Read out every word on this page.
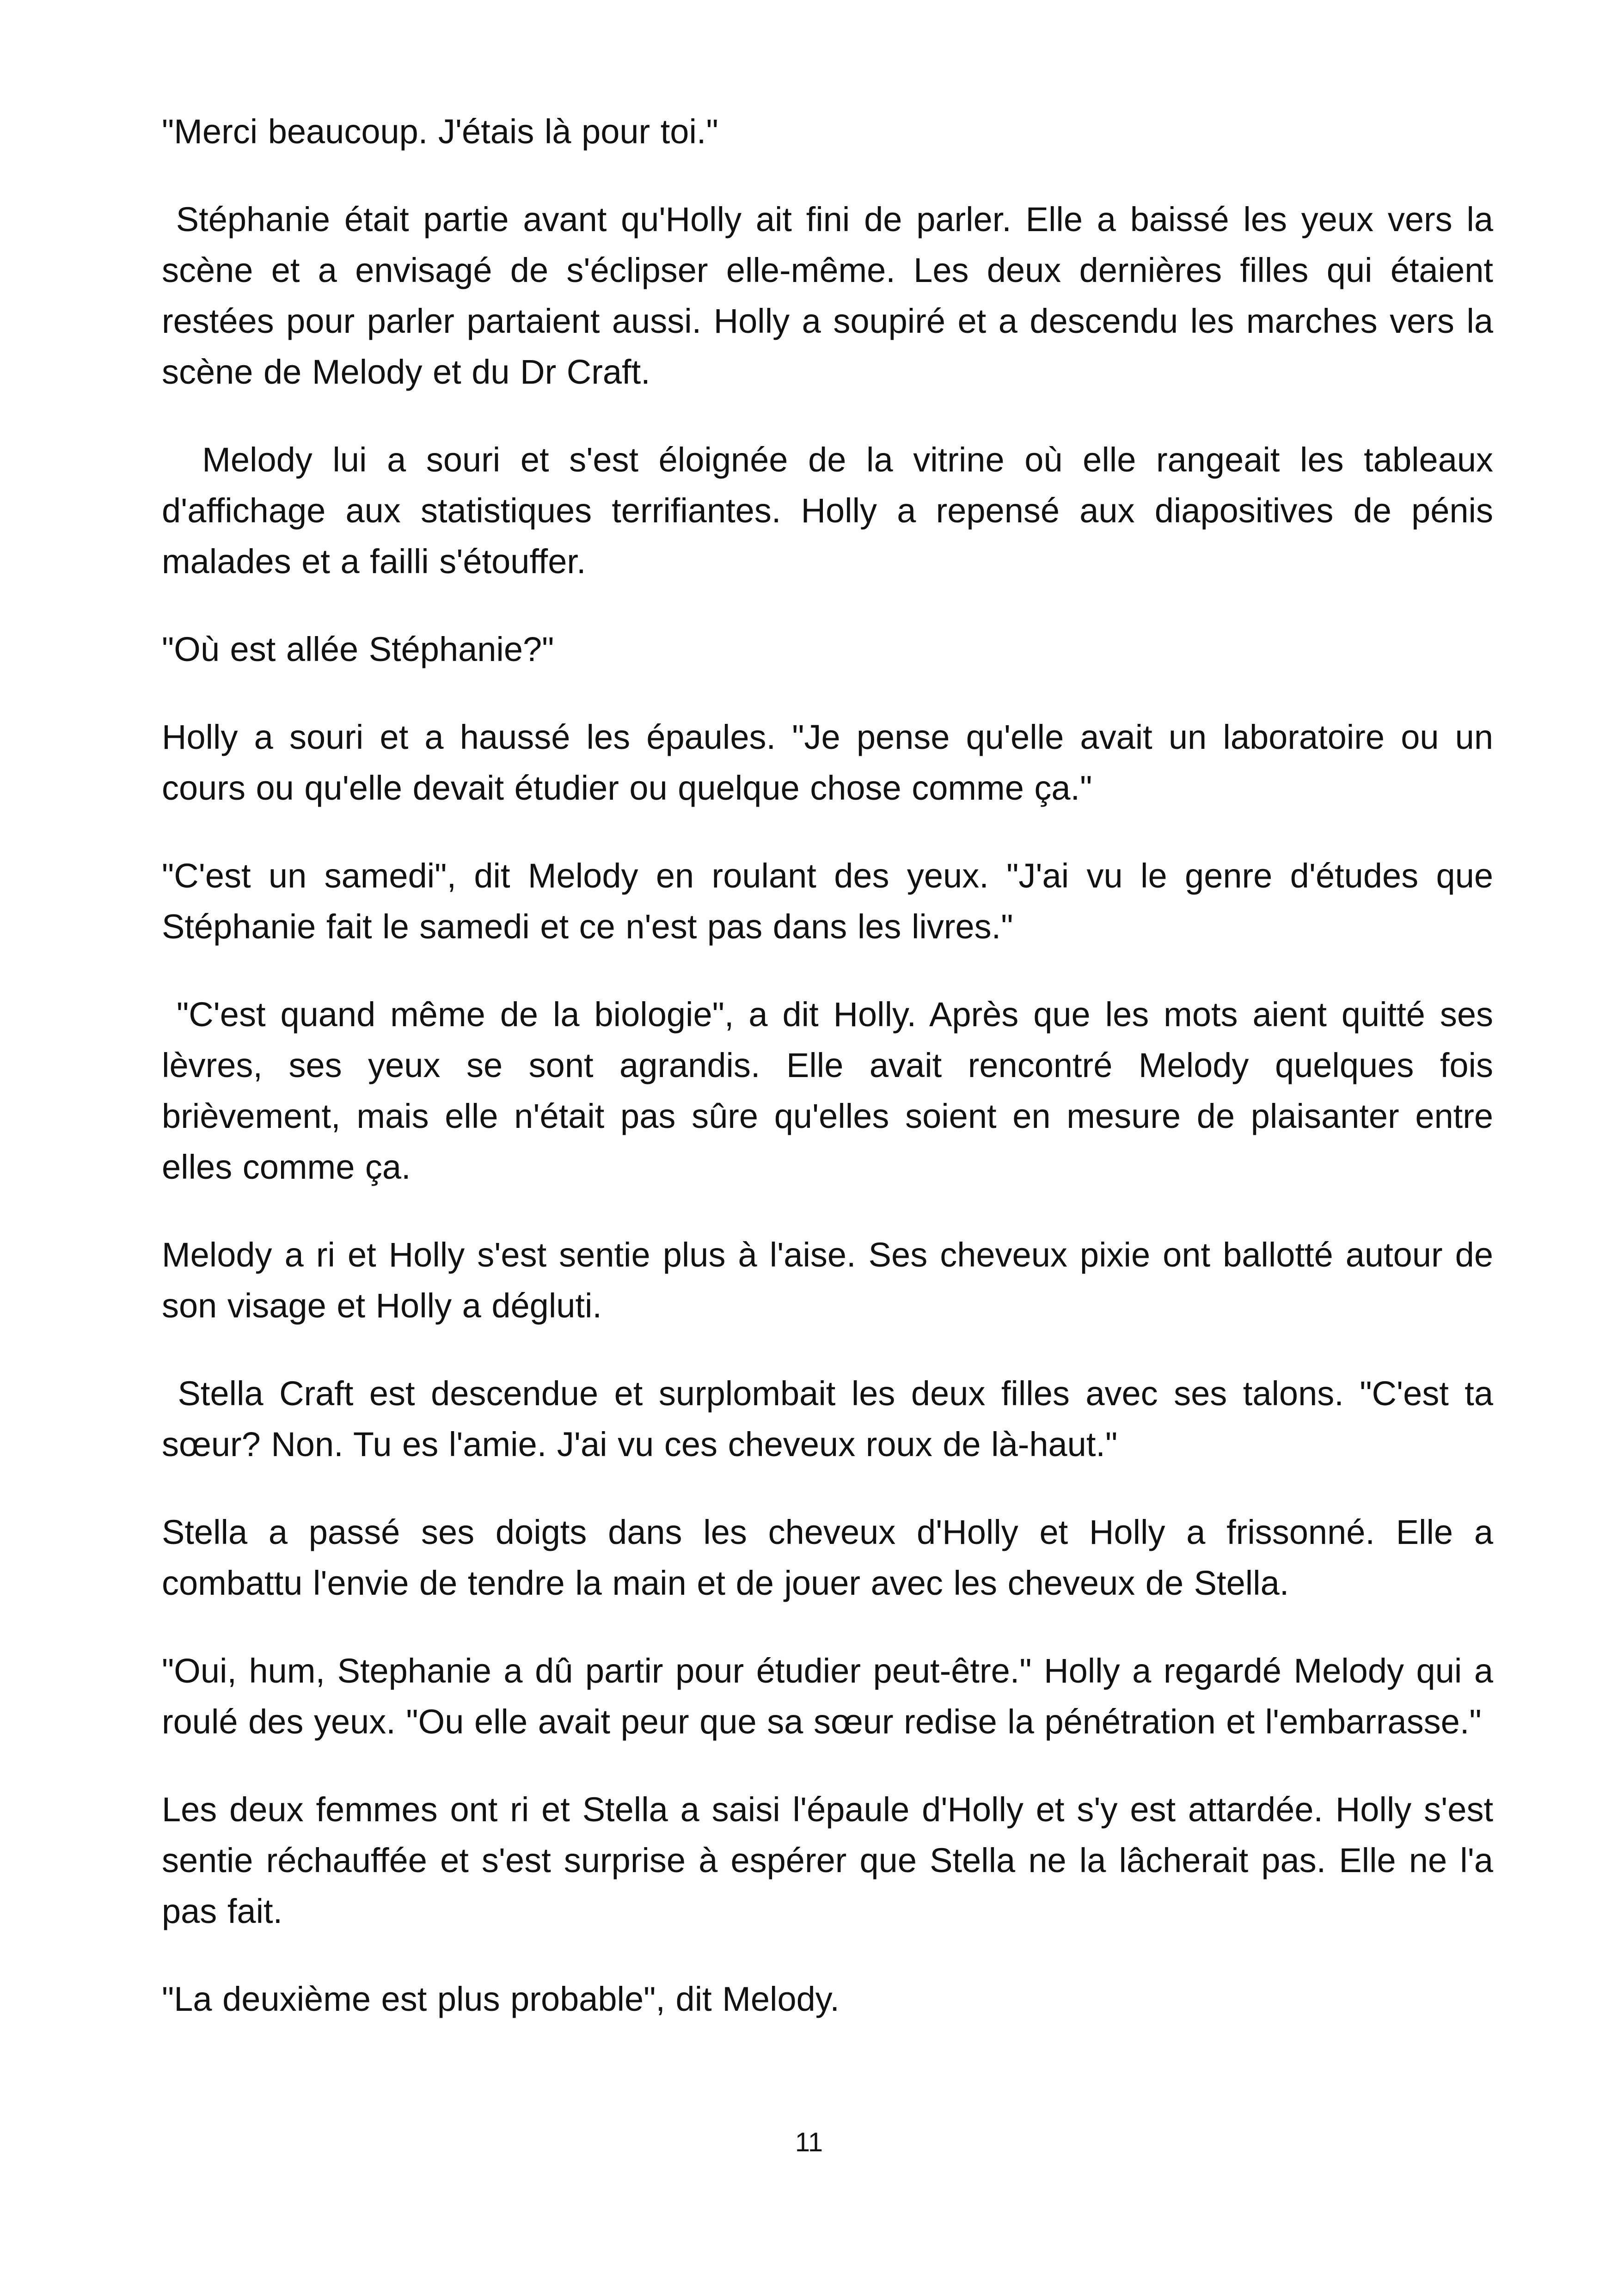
"Merci beaucoup. J'étais là pour toi."

Stéphanie était partie avant qu'Holly ait fini de parler. Elle a baissé les yeux vers la scène et a envisagé de s'éclipser elle-même. Les deux dernières filles qui étaient restées pour parler partaient aussi. Holly a soupiré et a descendu les marches vers la scène de Melody et du Dr Craft.

Melody lui a souri et s'est éloignée de la vitrine où elle rangeait les tableaux d'affichage aux statistiques terrifiantes. Holly a repensé aux diapositives de pénis malades et a failli s'étouffer.

"Où est allée Stéphanie?"

Holly a souri et a haussé les épaules. "Je pense qu'elle avait un laboratoire ou un cours ou qu'elle devait étudier ou quelque chose comme ça."

"C'est un samedi", dit Melody en roulant des yeux. "J'ai vu le genre d'études que Stéphanie fait le samedi et ce n'est pas dans les livres."

"C'est quand même de la biologie", a dit Holly. Après que les mots aient quitté ses lèvres, ses yeux se sont agrandis. Elle avait rencontré Melody quelques fois brièvement, mais elle n'était pas sûre qu'elles soient en mesure de plaisanter entre elles comme ça.

Melody a ri et Holly s'est sentie plus à l'aise. Ses cheveux pixie ont ballotté autour de son visage et Holly a dégluti.

Stella Craft est descendue et surplombait les deux filles avec ses talons. "C'est ta sœur? Non. Tu es l'amie. J'ai vu ces cheveux roux de là-haut."

Stella a passé ses doigts dans les cheveux d'Holly et Holly a frissonné. Elle a combattu l'envie de tendre la main et de jouer avec les cheveux de Stella.

"Oui, hum, Stephanie a dû partir pour étudier peut-être." Holly a regardé Melody qui a roulé des yeux. "Ou elle avait peur que sa sœur redise la pénétration et l'embarrasse."

Les deux femmes ont ri et Stella a saisi l'épaule d'Holly et s'y est attardée. Holly s'est sentie réchauffée et s'est surprise à espérer que Stella ne la lâcherait pas. Elle ne l'a pas fait.

"La deuxième est plus probable", dit Melody.

11
